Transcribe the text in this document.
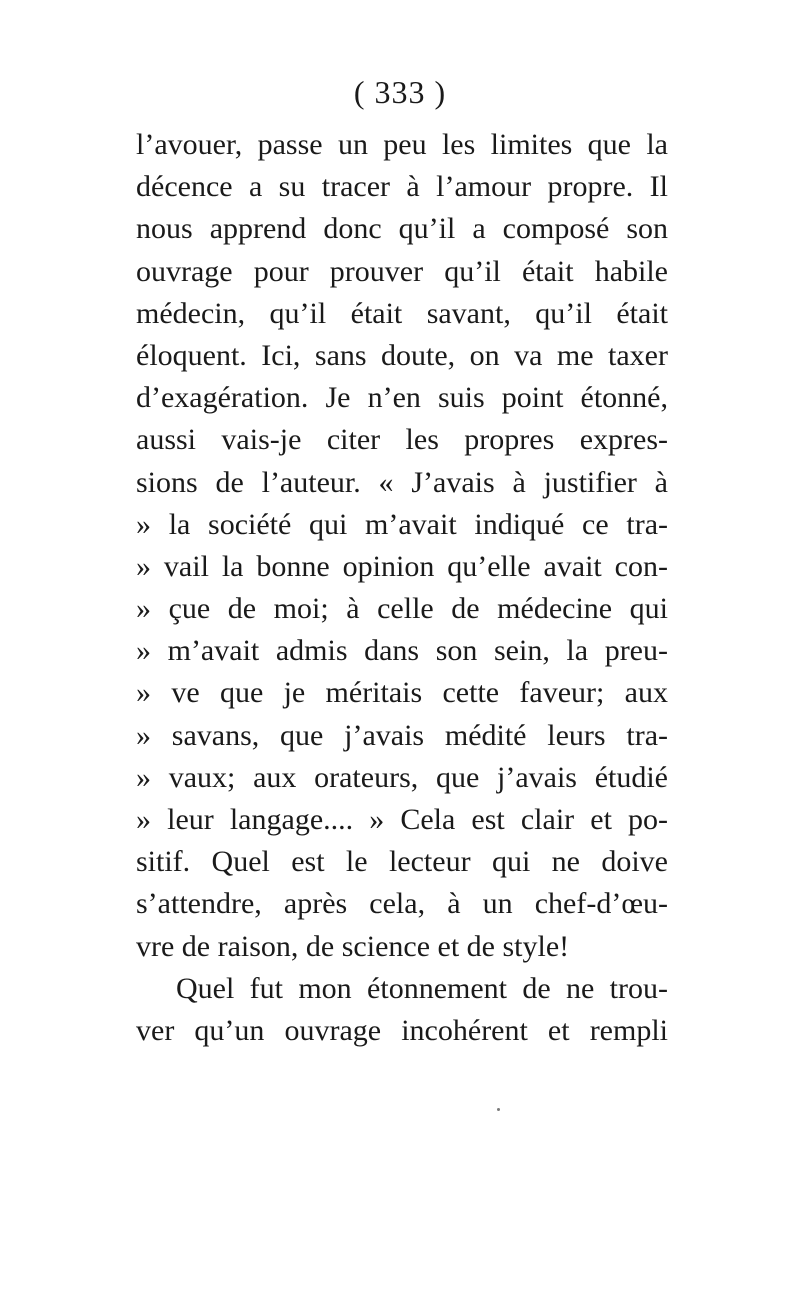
( 333 )
l’avouer, passe un peu les limites que la
décence a su tracer à l’amour propre. Il
nous apprend donc qu’il a composé son
ouvrage pour prouver qu’il était habile
médecin, qu’il était savant, qu’il était
éloquent. Ici, sans doute, on va me taxer
d’exagération. Je n’en suis point étonné,
aussi vais-je citer les propres expres-
sions de l’auteur. « J’avais à justifier à
» la société qui m’avait indiqué ce tra-
» vail la bonne opinion qu’elle avait con-
» çue de moi; à celle de médecine qui
» m’avait admis dans son sein, la preu-
» ve que je méritais cette faveur; aux
» savans, que j’avais médité leurs tra-
» vaux; aux orateurs, que j’avais étudié
» leur langage.... » Cela est clair et po-
sitif. Quel est le lecteur qui ne doive
s’attendre, après cela, à un chef-d’œu-
vre de raison, de science et de style!
Quel fut mon étonnement de ne trou-
ver qu’un ouvrage incohérent et rempli
